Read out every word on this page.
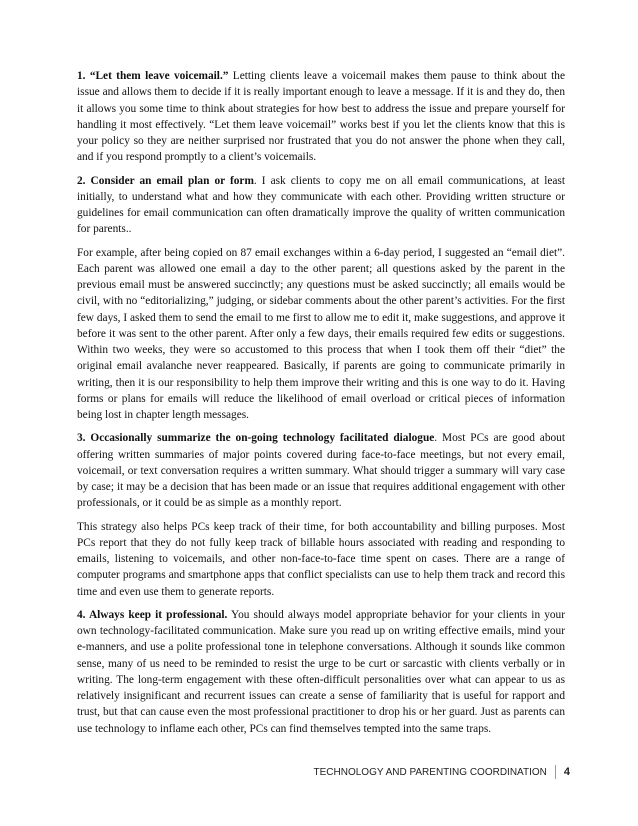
1. “Let them leave voicemail.” Letting clients leave a voicemail makes them pause to think about the issue and allows them to decide if it is really important enough to leave a message. If it is and they do, then it allows you some time to think about strategies for how best to address the issue and prepare yourself for handling it most effectively. “Let them leave voicemail” works best if you let the clients know that this is your policy so they are neither surprised nor frustrated that you do not answer the phone when they call, and if you respond promptly to a client’s voicemails.

2. Consider an email plan or form. I ask clients to copy me on all email communications, at least initially, to understand what and how they communicate with each other. Providing written structure or guidelines for email communication can often dramatically improve the quality of written communication for parents..

For example, after being copied on 87 email exchanges within a 6-day period, I suggested an “email diet”. Each parent was allowed one email a day to the other parent; all questions asked by the parent in the previous email must be answered succinctly; any questions must be asked succinctly; all emails would be civil, with no “editorializing,” judging, or sidebar comments about the other parent’s activities. For the first few days, I asked them to send the email to me first to allow me to edit it, make suggestions, and approve it before it was sent to the other parent. After only a few days, their emails required few edits or suggestions. Within two weeks, they were so accustomed to this process that when I took them off their “diet” the original email avalanche never reappeared. Basically, if parents are going to communicate primarily in writing, then it is our responsibility to help them improve their writing and this is one way to do it. Having forms or plans for emails will reduce the likelihood of email overload or critical pieces of information being lost in chapter length messages.

3. Occasionally summarize the on-going technology facilitated dialogue. Most PCs are good about offering written summaries of major points covered during face-to-face meetings, but not every email, voicemail, or text conversation requires a written summary. What should trigger a summary will vary case by case; it may be a decision that has been made or an issue that requires additional engagement with other professionals, or it could be as simple as a monthly report.

This strategy also helps PCs keep track of their time, for both accountability and billing purposes. Most PCs report that they do not fully keep track of billable hours associated with reading and responding to emails, listening to voicemails, and other non-face-to-face time spent on cases. There are a range of computer programs and smartphone apps that conflict specialists can use to help them track and record this time and even use them to generate reports.

4. Always keep it professional. You should always model appropriate behavior for your clients in your own technology-facilitated communication. Make sure you read up on writing effective emails, mind your e-manners, and use a polite professional tone in telephone conversations. Although it sounds like common sense, many of us need to be reminded to resist the urge to be curt or sarcastic with clients verbally or in writing. The long-term engagement with these often-difficult personalities over what can appear to us as relatively insignificant and recurrent issues can create a sense of familiarity that is useful for rapport and trust, but that can cause even the most professional practitioner to drop his or her guard. Just as parents can use technology to inflame each other, PCs can find themselves tempted into the same traps.

TECHNOLOGY AND PARENTING COORDINATION 4
